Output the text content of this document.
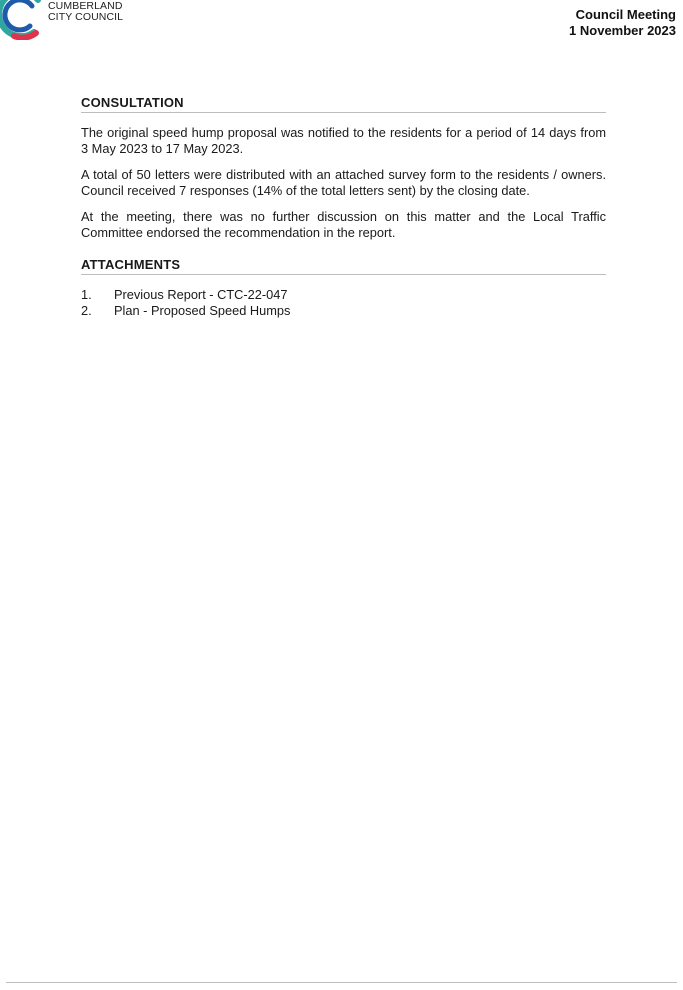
CUMBERLAND
CITY COUNCIL	Council Meeting
1 November 2023
CONSULTATION

The original speed hump proposal was notified to the residents for a period of 14 days from 3 May 2023 to 17 May 2023.

A total of 50 letters were distributed with an attached survey form to the residents / owners. Council received 7 responses (14% of the total letters sent) by the closing date.

At the meeting, there was no further discussion on this matter and the Local Traffic Committee endorsed the recommendation in the report.

ATTACHMENTS
1.	Previous Report - CTC-22-047
2.	Plan - Proposed Speed Humps
